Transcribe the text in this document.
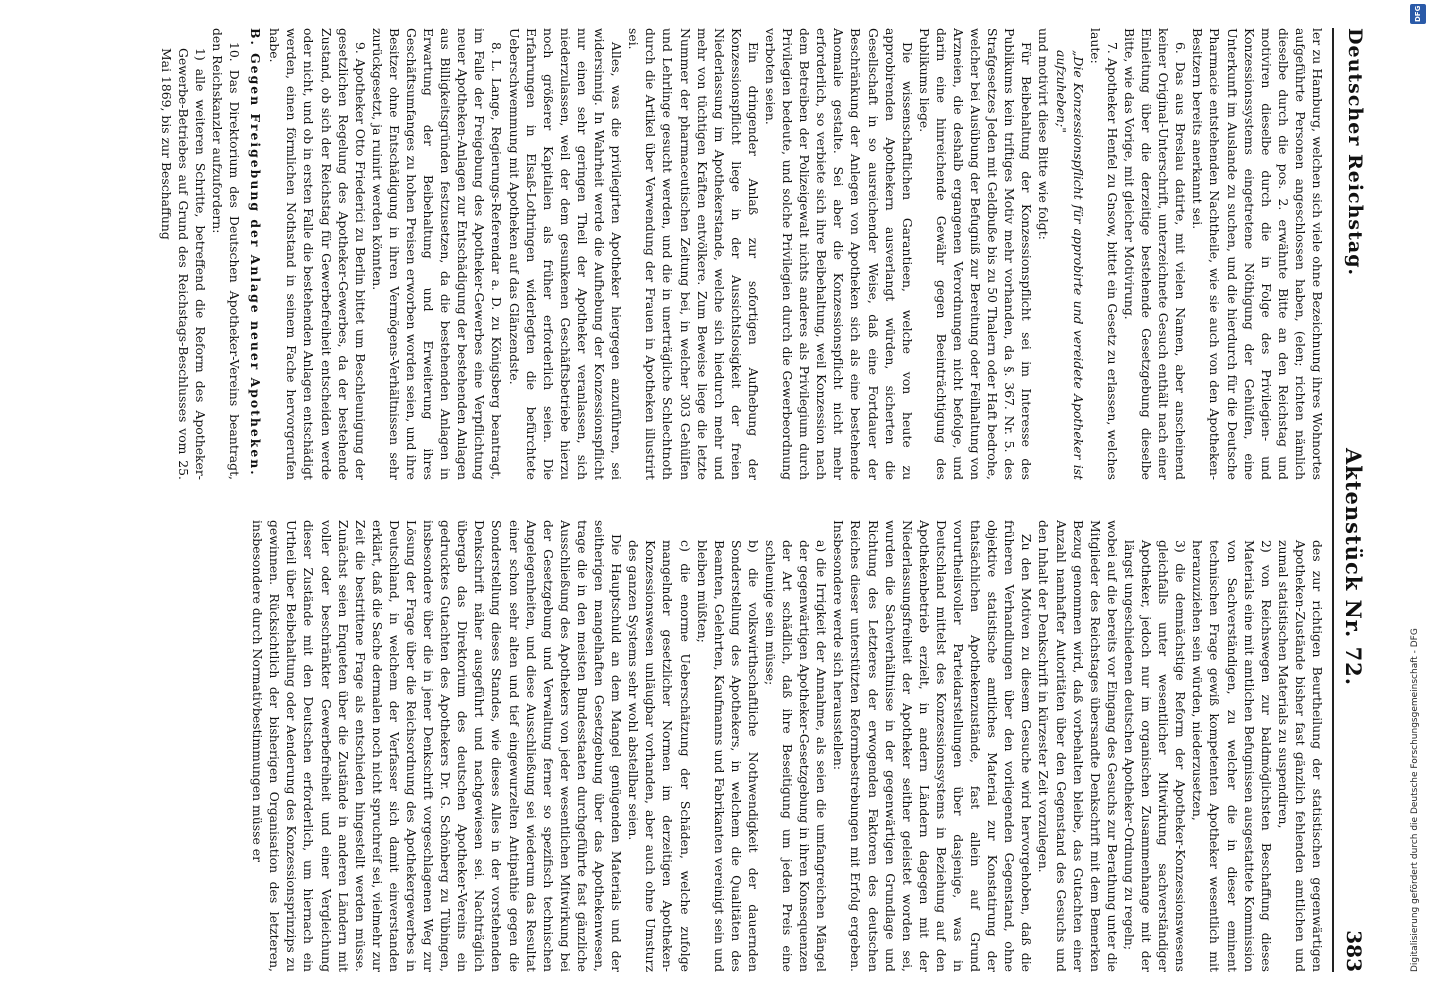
Deutscher Reichstag.
Aktenstück Nr. 72.
383

ler zu Hamburg, welchen sich viele ohne Bezeichnung ihres Wohnortes aufgeführte Personen angeschlossen haben, (elen; richten nämlich dieselbe durch die pos. 2. erwähnte Bitte an den Reichstag und motiviren dieselbe durch die in Folge des Privilegien- und Konzessionssystems eingetretene Nöthigung der Gehülfen, eine Unterkunft im Auslande zu suchen, und die hierdurch für die Deutsche Pharmacie entstehenden Nachtheile, wie sie auch von den Apotheken-Besitzern bereits anerkannt sei.

6. Das aus Breslau datirte, mit vielen Namen, aber anscheinend keiner Original-Unterschrift, unterzeichnete Gesuch enthält nach einer Einleitung über die derzeitige bestehende Gesetzgebung dieselbe Bitte, wie das Vorige, mit gleicher Motivirung.

7. Apotheker Henfel zu Gnsow, bittet ein Gesetz zu erlassen, welches laute:

„Die Konzessionspflicht für approbirte und vereidete Apotheker ist aufzuheben;"

und motivirt diese Bitte wie folgt:

Für Beibehaltung der Konzessionspflicht sei im Interesse des Publikums kein triftiges Motiv mehr vorhanden, da §. 367. Nr. 5. des Strafgesetzes Jeden mit Geldbuße bis zu 50 Thalern oder Haft bedrohe, welcher bei Ausübung der Befugniß zur Bereitung oder Feilhaltung von Arzneien, die deshalb ergangenen Verordnungen nicht befolge, und darin eine hinreichende Gewähr gegen Beeinträchtigung des Publikums liege.

Die wissenschaftlichen Garantieen, welche von heute zu approbirenden Apothekern ausverlangt würden, sicherten die Gesellschaft in so ausreichender Weise, daß eine Fortdauer der Beschränkung der Anlegen von Apotheken sich als eine bestehende Anomalie gestalte. Sei aber die Konzessionspflicht nicht mehr erforderlich, so verbiete sich ihre Beibehaltung, weil Konzession nach dem Betreiben der Polizeigewalt nichts anderes als Privilegium durch Privilegien bedeute, und solche Privilegien durch die Gewerbeordnung verboten seien.

Ein dringender Anlaß zur sofortigen Aufhebung der Konzessionspflicht liege in der Aussichtslosigkeit der freien Niederlassung im Apothekerstande, welche sich hiedurch mehr und mehr von tüchtigen Kräften entvölkere. Zum Beweise liege die letzte Nummer der pharmaceutischen Zeitung bei, in welcher 303 Gehülfen und Lehrlinge gesucht werden, und die in unerträgliche Schlechtnoth durch die Artikel über Verwendung der Frauen in Apotheken illustrirt sei.

Alles, was die privilegirten Apotheker hiergegen anzuführen, sei widersinnig. In Wahrheit werde die Aufhebung der Konzessionspflicht nur einen sehr geringen Theil der Apotheker veranlassen, sich niederzulassen, weil der dem gesunkenen Geschäftsbetriebe hierzu noch größerer Kapitalien als früher erforderlich seien. Die Erfahrungen in Elsaß-Lothringen widerlegten die befürchtete Ueberschwemmung mit Apotheken auf das Glänzendste.

8. L. Lange, Regierungs-Referendar a. D. zu Königsberg beantragt, im Falle der Freigebung des Apotheker-Gewerbes eine Verpflichtung neuer Apotheken-Anlagen zur Entschädigung der bestehenden Anlagen aus Billigkeitsgründen festzusetzen, da die bestehenden Anlagen in Erwartung der Beibehaltung und Erweiterung ihres Geschäftsumfanges zu hohen Preisen erworben worden seien, und ihre Besitzer ohne Entschädigung in ihren Vermögens-Verhältnissen sehr zurückgesetzt, ja ruinirt werden könnten.

9. Apotheker Otto Friederici zu Berlin bittet um Beschleunigung der gesetzlichen Regelung des Apotheker-Gewerbes, da der bestehende Zustand, ob sich der Reichstag für Gewerbefreiheit entscheiden werde oder nicht, und ob in ersten Falle die bestehenden Anlagen entschädigt werden, einen förmlichen Nothstand in seinem Fache hervorgerufen habe.

B. Gegen Freigebung der Anlage neuer Apotheken.

10. Das Direktorium des Deutschen Apotheker-Vereins beantragt, den Reichskanzler aufzufordern:

1) alle weiteren Schritte, betreffend die Reform des Apotheker-Gewerbe-Betriebes auf Grund des Reichstags-Beschlusses vom 25. Mai 1869, bis zur Beschaffung

des zur richtigen Beurtheilung der statistischen gegenwärtigen Apotheken-Zustände bisher fast gänzlich fehlenden amtlichen und zumal statistischen Materials zu suspendiren,

2) von Reichswegen zur baldmöglichsten Beschaffung dieses Materials eine mit amtlichen Befugnissen ausgestattete Kommission von Sachverständigen, zu welcher die in dieser eminent technischen Frage gewiß kompetenten Apotheker wesentlich mit heranzuziehen sein würden, niederzusetzen,

3) die demnächstige Reform der Apotheker-Konzessionswesens gleichfalls unter wesentlicher Mitwirkung sachverständiger Apotheker, jedoch nur im organischen Zusammenhange mit der längst ungeschiedenen deutschen Apotheker-Ordnung zu regeln;

wobei auf die bereits vor Eingang des Gesuchs zur Berathung unter die Mitglieder des Reichstages übersandte Denkschrift mit dem Bemerken Bezug genommen wird, daß vorbehalten bleibe, das Gutachten einer Anzahl namhafter Autoritäten über den Gegenstand des Gesuchs und den Inhalt der Denkschrift in kürzester Zeit vorzulegen.

Zu den Motiven zu diesem Gesuche wird hervorgehoben, daß die früheren Verhandlungen über den vorliegenden Gegenstand, ohne objektive statistische amtliches Material zur Konstatirung der thatsächlichen Apothekenzustände, fast allein auf Grund vorurtheilsvoller Parteidarstellungen über dasjenige, was in Deutschland mittelst des Konzessionssystems in Beziehung auf den Apothekenbetrieb erzielt, in andern Ländern dagegen mit der Niederlassungsfreiheit der Apotheker seither geleistet worden sei, wurden die Sachverhältnisse in der gegenwärtigen Grundlage und Richtung des Letzteres der erwogenden Faktoren des deutschen Reiches dieser unterstützten Reformbestrebungen mit Erfolg ergeben. Insbesondere werde sich herausstellen:

a) die Irrigkeit der Annahme, als seien die umfangreichen Mängel der gegenwärtigen Apotheker-Gesetzgebung in ihren Konsequenzen der Art schädlich, daß ihre Beseitigung um jeden Preis eine schleunige sein müsse;

b) die volkswirthschaftliche Nothwendigkeit der dauernden Sonderstellung des Apothekers, in welchem die Qualitäten des Beamten, Gelehrten, Kaufmanns und Fabrikanten vereinigt sein und bleiben müßten;

c) die enorme Ueberschätzung der Schäden, welche zufolge mangelnder gesetzlicher Normen im derzeitigen Apotheken-Konzessionswesen unläugbar vorhanden, aber auch ohne Umsturz des ganzen Systems sehr wohl abstellbar seien.

Die Hauptschuld an dem Mangel genügenden Materials und der seitherigen mangelhaften Gesetzgebung über das Apothekenwesen, trage die in den meisten Bundesstaaten durchgeführte fast gänzliche Ausschließung des Apothekers von jeder wesentlichen Mitwirkung bei der Gesetzgebung und Verwaltung ferner so spezifisch technischen Angelegenheiten, und diese Ausschließung sei wiederum das Resultat einer schon sehr alten und tief eingewurzelten Antipathie gegen die Sonderstellung dieses Standes, wie dieses Alles in der vorstehenden Denkschrift näher ausgeführt und nachgewiesen sei. Nachträglich übergab das Direktorium des deutschen Apotheker-Vereins ein gedrucktes Gutachten des Apothekers Dr. G. Schönberg zu Tübingen, insbesondere über die in jener Denkschrift vorgeschlagenen Weg zur Lösung der Frage über die Reichsordnung des Apothekergewerbes in Deutschland, in welchem der Verfasser sich damit einverstanden erklärt, daß die Sache dermalen noch nicht spruchreif sei, vielmehr zur Zeit die bestrittene Frage als entschieden hingestellt werden müsse. Zunächst seien Enqueten über die Zustände in anderen Ländern mit voller oder beschränkter Gewerbefreiheit und einer Vergleichung dieser Zustände mit den Deutschen erforderlich, um hiernach ein Urtheil über Beibehaltung oder Aenderung des Konzessionsprinzips zu gewinnen. Rücksichtlich der bisherigen Organisation des letzteren, insbesondere durch Normativbestimmungen müsse er

DFG
Digitalisierung gefördert durch die Deutsche Forschungsgemeinschaft - DFG
